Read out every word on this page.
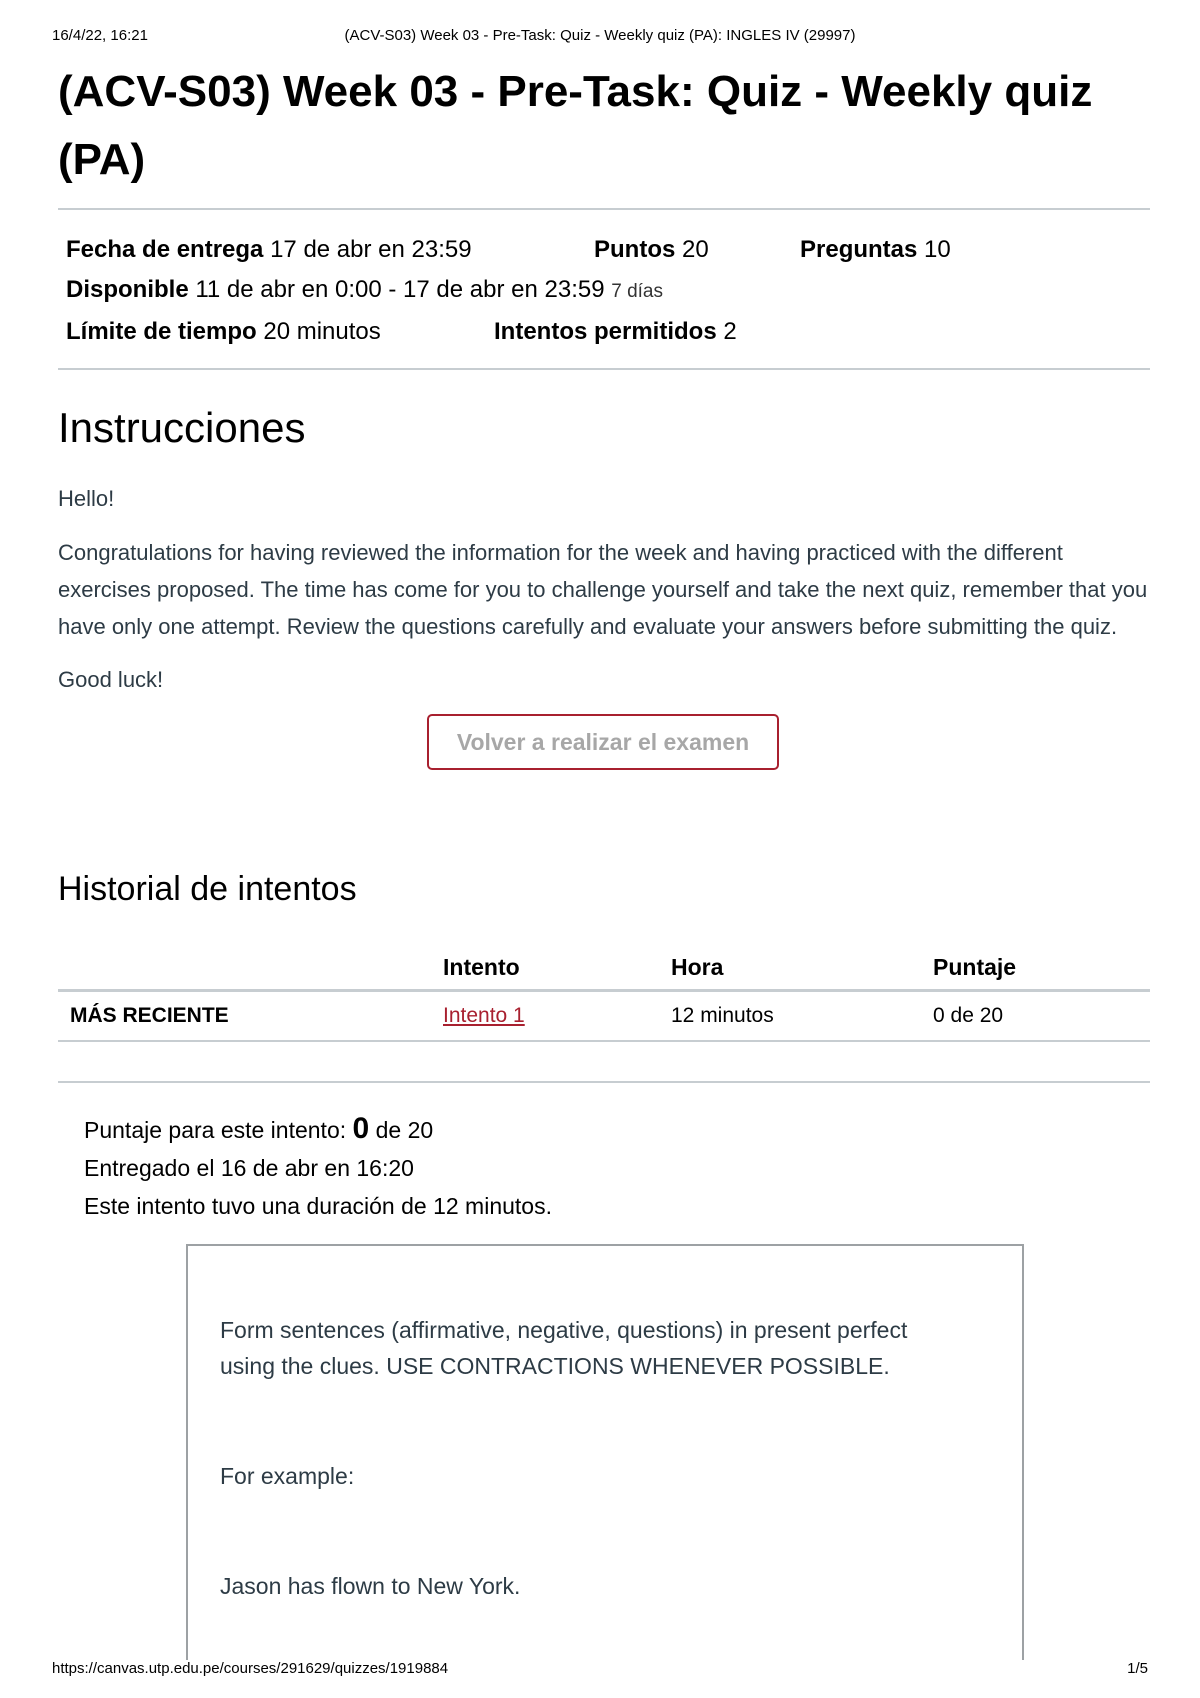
16/4/22, 16:21	(ACV-S03) Week 03 - Pre-Task: Quiz - Weekly quiz (PA): INGLES IV (29997)
(ACV-S03) Week 03 - Pre-Task: Quiz - Weekly quiz (PA)
Fecha de entrega 17 de abr en 23:59	Puntos 20	Preguntas 10
Disponible 11 de abr en 0:00 - 17 de abr en 23:59 7 días
Límite de tiempo 20 minutos	Intentos permitidos 2
Instrucciones

Hello!

Congratulations for having reviewed the information for the week and having practiced with the different exercises proposed. The time has come for you to challenge yourself and take the next quiz, remember that you have only one attempt. Review the questions carefully and evaluate your answers before submitting the quiz.

Good luck!

Volver a realizar el examen
Historial de intentos
	Intento	Hora	Puntaje
MÁS RECIENTE	Intento 1	12 minutos	0 de 20
Puntaje para este intento: 0 de 20
Entregado el 16 de abr en 16:20
Este intento tuvo una duración de 12 minutos.
Form sentences (affirmative, negative, questions) in present perfect using the clues. USE CONTRACTIONS WHENEVER POSSIBLE.
For example:
Jason has flown to New York.
https://canvas.utp.edu.pe/courses/291629/quizzes/1919884	1/5
